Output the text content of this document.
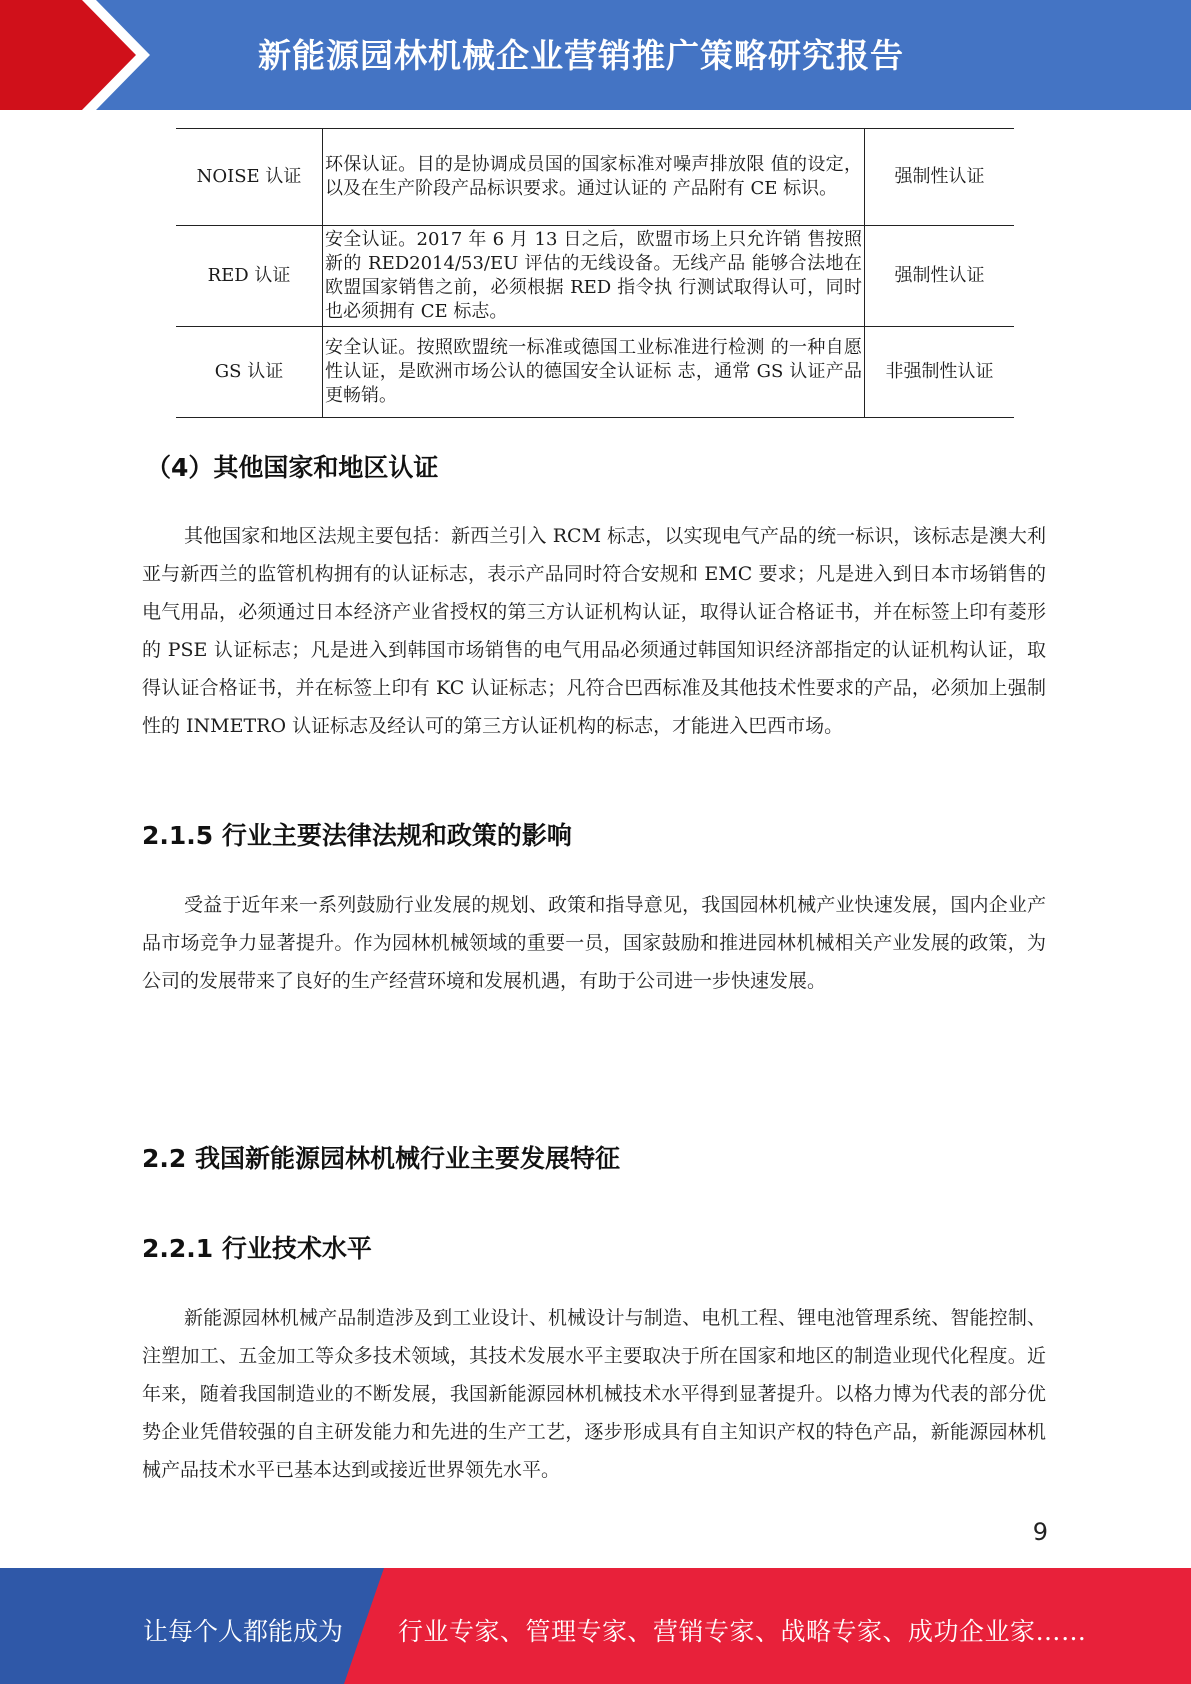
新能源园林机械企业营销推广策略研究报告
NOISE 认证	环保认证。目的是协调成员国的国家标准对噪声排放限 值的设定，以及在生产阶段产品标识要求。通过认证的 产品附有 CE 标识。	强制性认证
RED 认证	安全认证。2017 年 6 月 13 日之后，欧盟市场上只允许销 售按照新的 RED2014/53/EU 评估的无线设备。无线产品 能够合法地在欧盟国家销售之前，必须根据 RED 指令执 行测试取得认可，同时也必须拥有 CE 标志。	强制性认证
GS 认证	安全认证。按照欧盟统一标准或德国工业标准进行检测 的一种自愿性认证，是欧洲市场公认的德国安全认证标 志，通常 GS 认证产品更畅销。	非强制性认证
（4）其他国家和地区认证

其他国家和地区法规主要包括：新西兰引入 RCM 标志，以实现电气产品的统一标识，该标志是澳大利亚与新西兰的监管机构拥有的认证标志，表示产品同时符合安规和 EMC 要求；凡是进入到日本市场销售的电气用品，必须通过日本经济产业省授权的第三方认证机构认证，取得认证合格证书，并在标签上印有菱形的 PSE 认证标志；凡是进入到韩国市场销售的电气用品必须通过韩国知识经济部指定的认证机构认证，取得认证合格证书，并在标签上印有 KC 认证标志；凡符合巴西标准及其他技术性要求的产品，必须加上强制性的 INMETRO 认证标志及经认可的第三方认证机构的标志，才能进入巴西市场。

2.1.5 行业主要法律法规和政策的影响

受益于近年来一系列鼓励行业发展的规划、政策和指导意见，我国园林机械产业快速发展，国内企业产品市场竞争力显著提升。作为园林机械领域的重要一员，国家鼓励和推进园林机械相关产业发展的政策，为公司的发展带来了良好的生产经营环境和发展机遇，有助于公司进一步快速发展。

2.2 我国新能源园林机械行业主要发展特征
2.2.1 行业技术水平

新能源园林机械产品制造涉及到工业设计、机械设计与制造、电机工程、锂电池管理系统、智能控制、注塑加工、五金加工等众多技术领域，其技术发展水平主要取决于所在国家和地区的制造业现代化程度。近年来，随着我国制造业的不断发展，我国新能源园林机械技术水平得到显著提升。以格力博为代表的部分优势企业凭借较强的自主研发能力和先进的生产工艺，逐步形成具有自主知识产权的特色产品，新能源园林机械产品技术水平已基本达到或接近世界领先水平。

9
让每个人都能成为 行业专家、管理专家、营销专家、战略专家、成功企业家……
